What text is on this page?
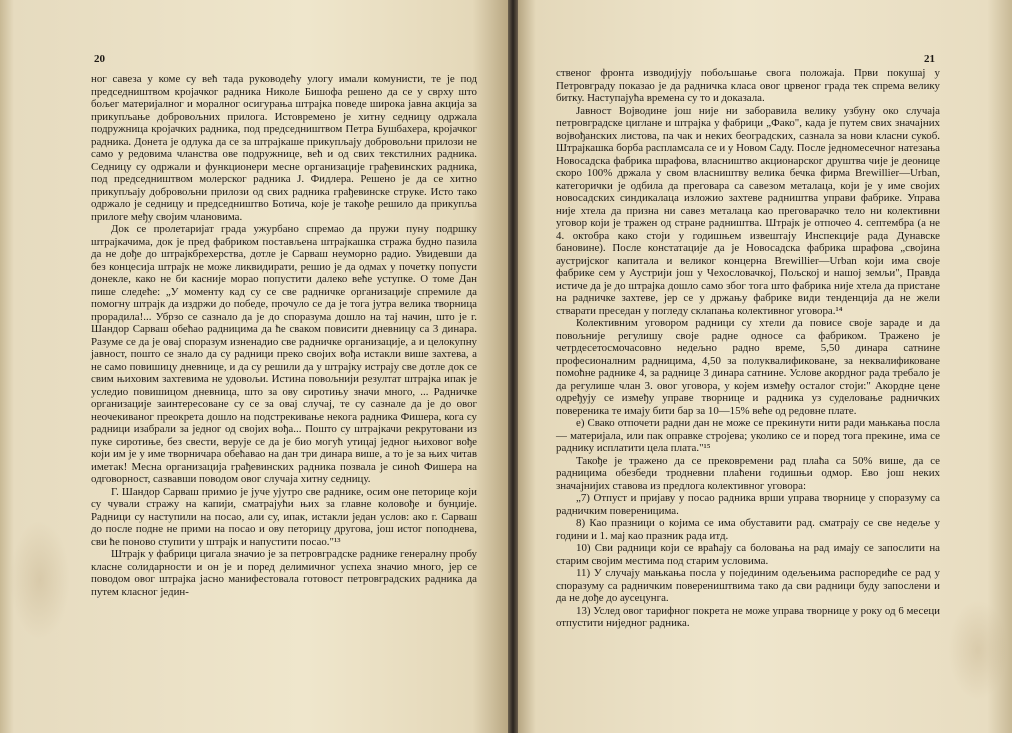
20

ног савеза у коме су већ тада руководећу улогу имали комунисти, те је под председништвом кројачког радника Николе Бишофа решено да се у сврху што бољег материјалног и моралног осигурања штрајка поведе широка јавна акција за прикупљање добровољних прилога. Истовремено је хитну седницу одржала подружница кројачких радника, под председништвом Петра Бушбахера, кројачког радника. Донета је одлука да се за штрајкаше прикупљају добровољни прилози не само у редовима чланства ове подружнице, већ и од свих текстилних радника. Седницу су одржали и функционери месне организације грађевинских радника, под председништвом молерског радника Ј. Фидлера. Решено је да се хитно прикупљају добровољни прилози од свих радника грађевинске струке. Исто тако одржало је седницу и председништво Ботича, које је такође решило да прикупља прилоге међу својим члановима.

Док се пролетаријат града ужурбано спремао да пружи пуну подршку штрајкачима, док је пред фабриком постављена штрајкашка стража будно пазила да не дође до штрајкбрехерства, дотле је Сарваш неуморно радио. Увидевши да без концесија штрајк не може ликвидирати, решио је да одмах у почетку попусти донекле, како не би касније морао попустити далеко веће уступке. О томе Дан пише следеће: „У моменту кад су се све радничке организације спремиле да помогну штрајк да издржи до победе, прочуло се да је тога јутра велика творница прорадила!... Убрзо се сазнало да је до споразума дошло на тај начин, што је г. Шандор Сарваш обећао радницима да ће сваком повисити дневницу са 3 динара. Разуме се да је овај споразум изненадио све радничке организације, а и целокупну јавност, пошто се знало да су радници преко својих вођа истакли више захтева, а не само повишицу дневнице, и да су решили да у штрајку истрају све дотле док се свим њиховим захтевима не удовољи. Истина повољнији резултат штрајка ипак је уследио повишицом дневница, што за ову сиротињу значи много, ... Радничке организације заинтересоване су се за овај случај, те су сазнале да је до овог неочекиваног преокрета дошло на подстрекивање некога радника Фишера, кога су радници изабрали за једног од својих вођа... Пошто су штрајкачи рекрутовани из пуке сиротиње, без свести, верује се да је био могућ утицај једног њиховог вође који им је у име творничара обећавао на дан три динара више, а то је за њих читав иметак! Месна организација грађевинских радника позвала је синоћ Фишера на одговорност, сазвавши поводом овог случаја хитну седницу.

Г. Шандор Сарваш примио је јуче ујутро све раднике, осим оне петорице који су чували стражу на капији, сматрајући њих за главне коловође и бунџије. Радници су наступили на посао, али су, ипак, истакли један услов: ако г. Сарваш до после подне не прими на посао и ову петорицу другова, још истог поподнева, сви ће поново ступити у штрајк и напустити посао."¹³

Штрајк у фабрици цигала значио је за петровградске раднике генералну пробу класне солидарности и он је и поред делимичног успеха значио много, јер се поводом овог штрајка јасно манифестовала готовост петровградских радника да путем класног једин-

21

ственог фронта изводијују побољшање свога положаја. Први покушај у Петровграду показао је да радничка класа овог црвеног града тек спрема велику битку. Наступајућа времена су то и доказала.

Јавност Војводине још није ни заборавила велику узбуну око случаја петровградске циглане и штрајка у фабрици „Фако", када је путем свих значајних војвођанских листова, па чак и неких београдских, сазнала за нови класни сукоб. Штрајкашка борба распламсала се и у Новом Саду. После једномесечног натезања Новосадска фабрика шрафова, власништво акционарског друштва чије је деонице скоро 100% држала у свом власништву велика бечка фирма Brewillier—Urban, категорички је одбила да преговара са савезом металаца, који је у име својих новосадских синдикалаца изложио захтеве радништва управи фабрике. Управа није хтела да призна ни савез металаца као преговарачко тело ни колективни уговор који је тражен од стране радништва. Штрајк је отпочео 4. септембра (а не 4. октобра како стоји у годишњем извештају Инспекције рада Дунавске бановине). После констатације да је Новосадска фабрика шрафова „својина аустријског капитала и великог концерна Brewillier—Urban који има своје фабрике сем у Аустрији још у Чехословачкој, Пољској и нашој земљи", Правда истиче да је до штрајка дошло само због тога што фабрика није хтела да пристане на радничке захтеве, јер се у држању фабрике види тенденција да не жели стварати преседан у погледу склапања колективног уговора.¹⁴

Колективним уговором радници су хтели да повисе своје зараде и да повољније регулишу своје радне односе са фабриком. Тражено је четрдесетосмочасовно недељно радно време, 5,50 динара сатнине професионалним радницима, 4,50 за полуквалификоване, за неквалификоване помоћне раднике 4, за раднице 3 динара сатнине. Услове акордног рада требало је да регулише члан 3. овог уговора, у којем између осталог стоји:" Акордне цене одређују се између управе творнице и радника уз суделовање радничких повереника те имају бити бар за 10—15% веће од редовне плате.

е) Свако отпочети радни дан не може се прекинути нити ради мањкања посла — материјала, или пак оправке стројева; уколико се и поред тога прекине, има се раднику исплатити цела плата."¹⁵

Такође је тражено да се прековремени рад плаћа са 50% више, да се радницима обезбеди тродневни плаћени годишњи одмор. Ево још неких значајнијих ставова из предлога колективног уговора:

„7) Отпуст и пријаву у посао радника врши управа творнице у споразуму са радничким повереницима.

8) Као празници о којима се има обуставити рад. сматрају се све недеље у години и 1. мај као празник рада итд.

10) Сви радници који се враћају са боловања на рад имају се запослити на старим својим местима под старим условима.

11) У случају мањкања посла у појединим одељењима распоредиће се рад у споразуму са радничким повереништвима тако да сви радници буду запослени и да не дође до аусецунга.

13) Услед овог тарифног покрета не може управа творнице у року од 6 месеци отпустити ниједног радника.
